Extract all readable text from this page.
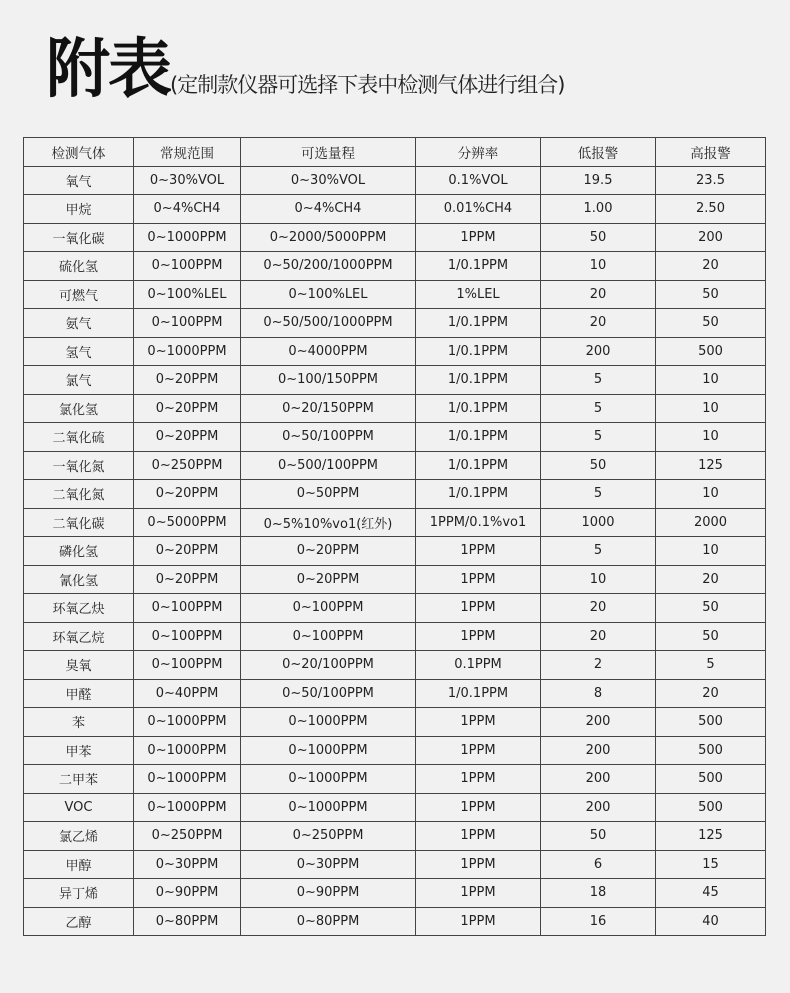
附表 (定制款仪器可选择下表中检测气体进行组合)
检测气体	常规范围	可选量程	分辨率	低报警	高报警
氧气	0~30%VOL	0~30%VOL	0.1%VOL	19.5	23.5
甲烷	0~4%CH4	0~4%CH4	0.01%CH4	1.00	2.50
一氧化碳	0~1000PPM	0~2000/5000PPM	1PPM	50	200
硫化氢	0~100PPM	0~50/200/1000PPM	1/0.1PPM	10	20
可燃气	0~100%LEL	0~100%LEL	1%LEL	20	50
氨气	0~100PPM	0~50/500/1000PPM	1/0.1PPM	20	50
氢气	0~1000PPM	0~4000PPM	1/0.1PPM	200	500
氯气	0~20PPM	0~100/150PPM	1/0.1PPM	5	10
氯化氢	0~20PPM	0~20/150PPM	1/0.1PPM	5	10
二氧化硫	0~20PPM	0~50/100PPM	1/0.1PPM	5	10
一氧化氮	0~250PPM	0~500/100PPM	1/0.1PPM	50	125
二氧化氮	0~20PPM	0~50PPM	1/0.1PPM	5	10
二氧化碳	0~5000PPM	0~5%10%vo1(红外)	1PPM/0.1%vo1	1000	2000
磷化氢	0~20PPM	0~20PPM	1PPM	5	10
氰化氢	0~20PPM	0~20PPM	1PPM	10	20
环氧乙炔	0~100PPM	0~100PPM	1PPM	20	50
环氧乙烷	0~100PPM	0~100PPM	1PPM	20	50
臭氧	0~100PPM	0~20/100PPM	0.1PPM	2	5
甲醛	0~40PPM	0~50/100PPM	1/0.1PPM	8	20
苯	0~1000PPM	0~1000PPM	1PPM	200	500
甲苯	0~1000PPM	0~1000PPM	1PPM	200	500
二甲苯	0~1000PPM	0~1000PPM	1PPM	200	500
VOC	0~1000PPM	0~1000PPM	1PPM	200	500
氯乙烯	0~250PPM	0~250PPM	1PPM	50	125
甲醇	0~30PPM	0~30PPM	1PPM	6	15
异丁烯	0~90PPM	0~90PPM	1PPM	18	45
乙醇	0~80PPM	0~80PPM	1PPM	16	40
